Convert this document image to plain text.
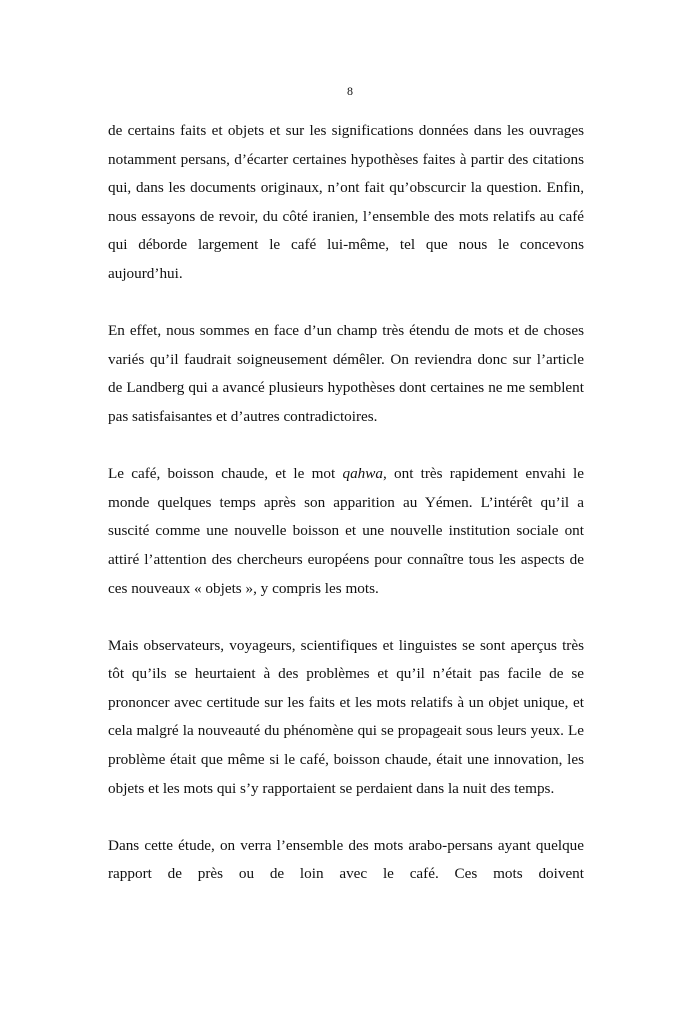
8

de certains faits et objets et sur les significations données dans les ouvrages notamment persans, d’écarter certaines hypothèses faites à partir des citations qui, dans les documents originaux, n’ont fait qu’obscurcir la question. Enfin, nous essayons de revoir, du côté iranien, l’ensemble des mots relatifs au café qui déborde largement le café lui-même, tel que nous le concevons aujourd’hui.

En effet, nous sommes en face d’un champ très étendu de mots et de choses variés qu’il faudrait soigneusement démêler. On reviendra donc sur l’article de Landberg qui a avancé plusieurs hypothèses dont certaines ne me semblent pas satisfaisantes et d’autres contradictoires.

Le café, boisson chaude, et le mot qahwa, ont très rapidement envahi le monde quelques temps après son apparition au Yémen. L’intérêt qu’il a suscité comme une nouvelle boisson et une nouvelle institution sociale ont attiré l’attention des chercheurs européens pour connaître tous les aspects de ces nouveaux « objets », y compris les mots.

Mais observateurs, voyageurs, scientifiques et linguistes se sont aperçus très tôt qu’ils se heurtaient à des problèmes et qu’il n’était pas facile de se prononcer avec certitude sur les faits et les mots relatifs à un objet unique, et cela malgré la nouveauté du phénomène qui se propageait sous leurs yeux. Le problème était que même si le café, boisson chaude, était une innovation, les objets et les mots qui s’y rapportaient se perdaient dans la nuit des temps.

Dans cette étude, on verra l’ensemble des mots arabo-persans ayant quelque rapport de près ou de loin avec le café. Ces mots doivent
